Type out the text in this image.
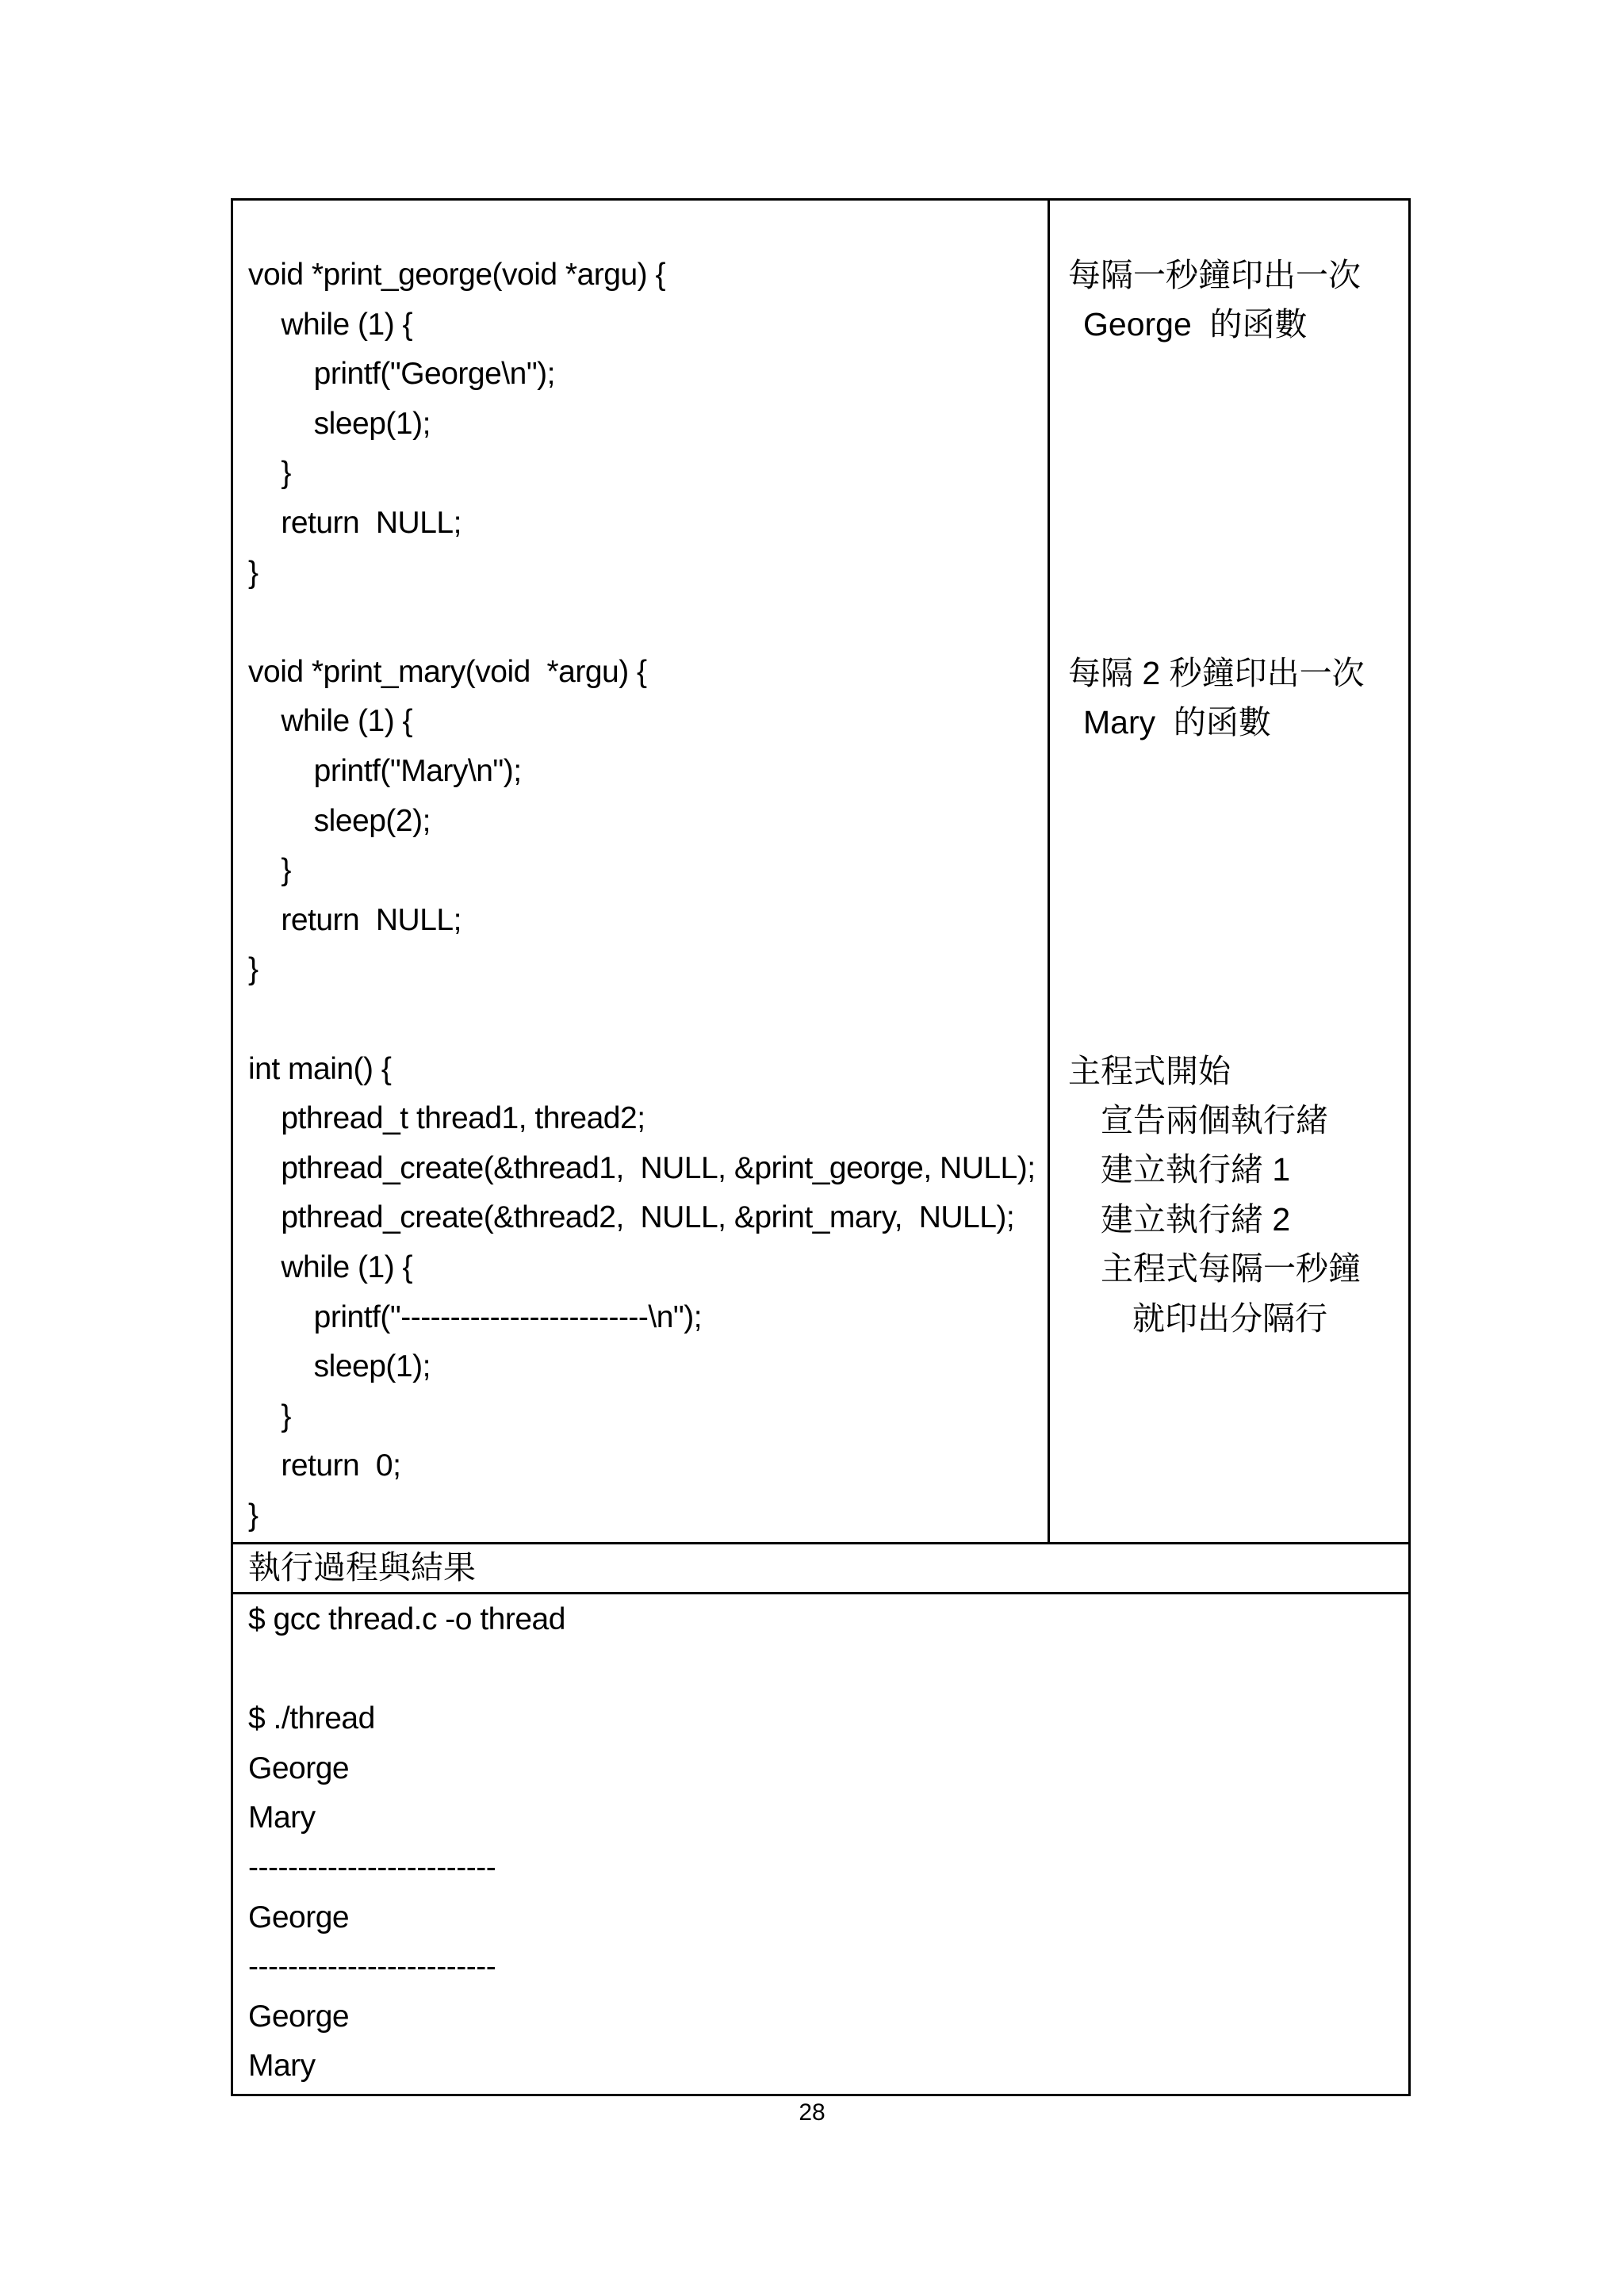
void *print_george(void *argu) {
while (1) {
printf("George\n");
sleep(1);
}
return  NULL;
}
void *print_mary(void  *argu) {
while (1) {
printf("Mary\n");
sleep(2);
}
return  NULL;
}
int main() {
pthread_t thread1, thread2;
pthread_create(&thread1,  NULL, &print_george, NULL);
pthread_create(&thread2,  NULL, &print_mary,  NULL);
while (1) {
printf("-------------------------\n");
sleep(1);
}
return  0;
}
每隔一秒鐘印出一次
George  的函數
每隔 2 秒鐘印出一次
Mary  的函數
主程式開始
宣告兩個執行緒
建立執行緒 1
建立執行緒 2
主程式每隔一秒鐘
就印出分隔行
執行過程與結果
$ gcc thread.c -o thread
$ ./thread
George
Mary
-------------------------
George
-------------------------
George
Mary
28
